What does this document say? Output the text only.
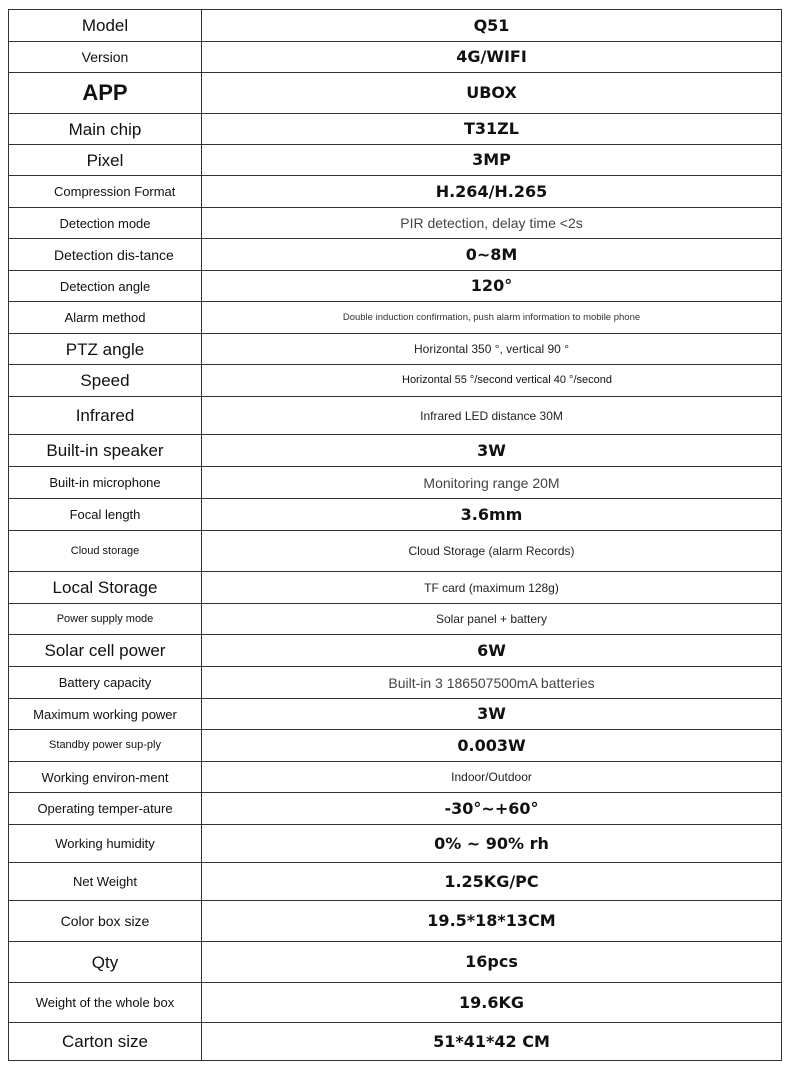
Model	Q51
Version	4G/WIFI
APP	UBOX
Main chip	T31ZL
Pixel	3MP
Compression Format	H.264/H.265
Detection mode	PIR detection, delay time <2s
Detection dis-tance	0~8M
Detection angle	120°
Alarm method	Double induction confirmation, push alarm information to mobile phone
PTZ angle	Horizontal 350 °, vertical 90 °
Speed	Horizontal 55 °/second vertical 40 °/second
Infrared	Infrared LED distance 30M
Built-in speaker	3W
Built-in microphone	Monitoring range 20M
Focal length	3.6mm
Cloud storage	Cloud Storage (alarm Records)
Local Storage	TF card (maximum 128g)
Power supply mode	Solar panel + battery
Solar cell power	6W
Battery capacity	Built-in 3 186507500mA batteries
Maximum working power	3W
Standby power sup-ply	0.003W
Working environ-ment	Indoor/Outdoor
Operating temper-ature	-30°~+60°
Working humidity	0% ~ 90% rh
Net Weight	1.25KG/PC
Color box size	19.5*18*13CM
Qty	16pcs
Weight of the whole box	19.6KG
Carton size	51*41*42 CM
